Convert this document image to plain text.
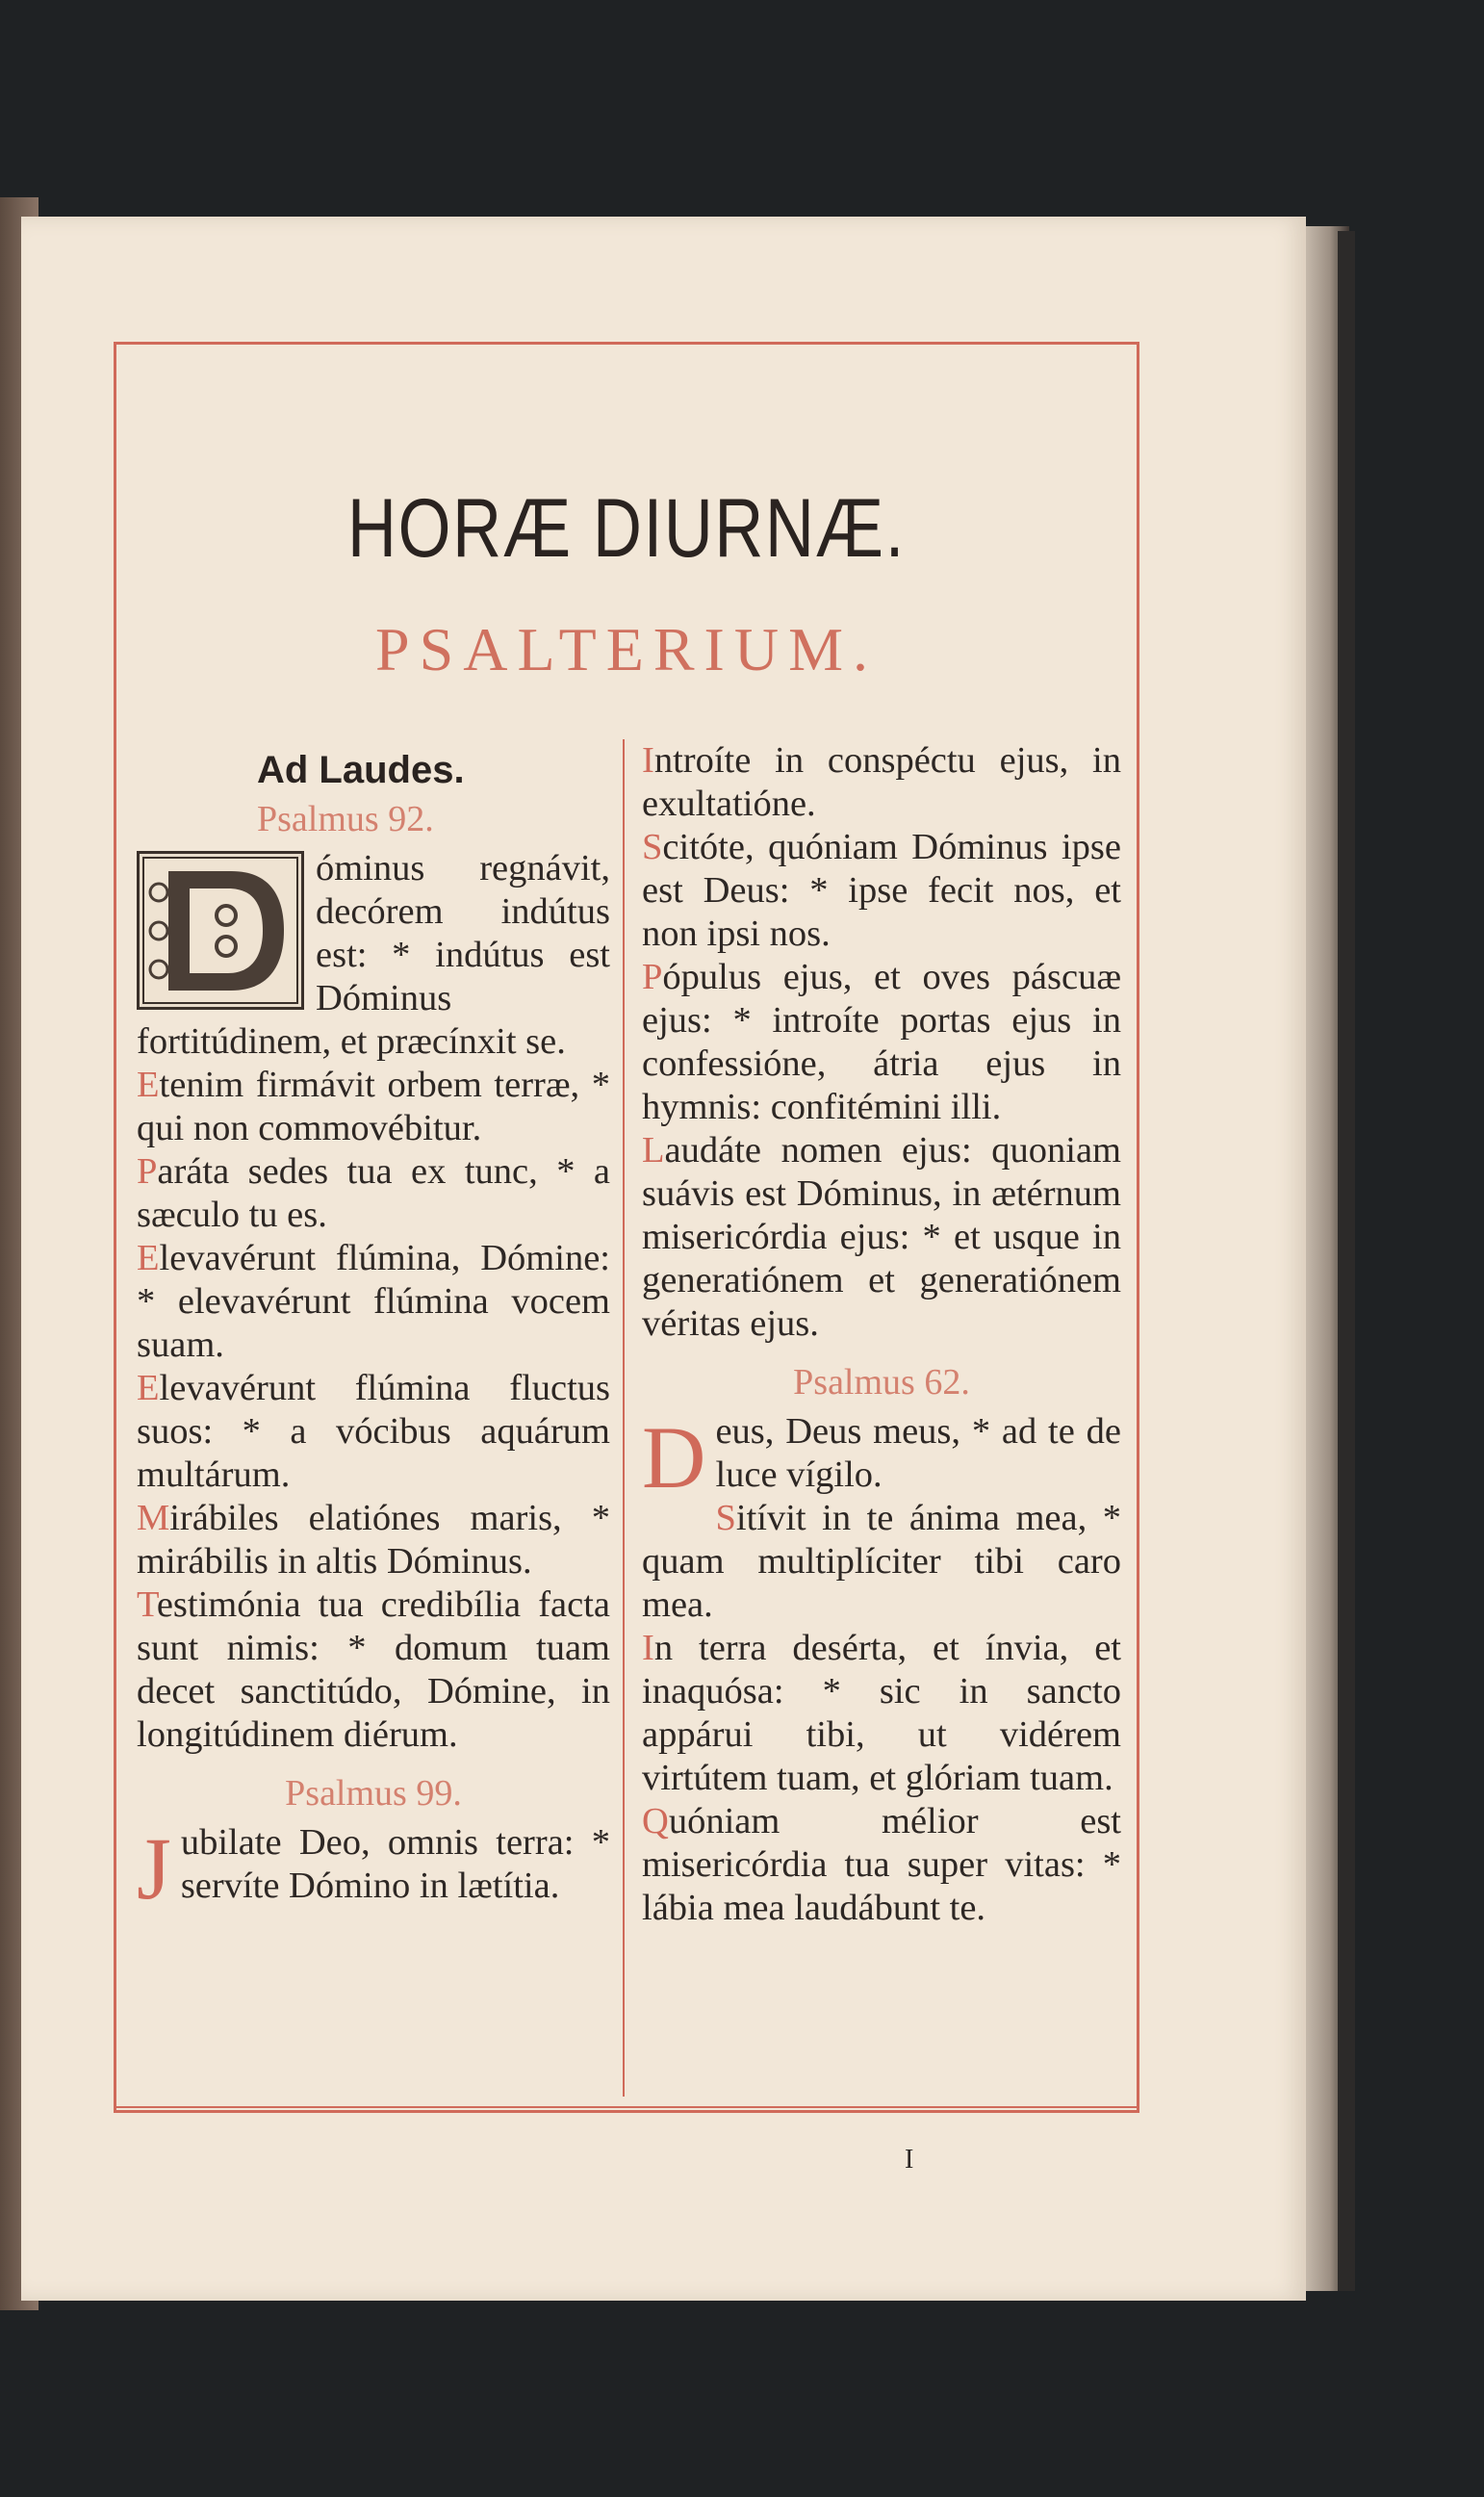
HORÆ DIURNÆ.
PSALTERIUM.
Ad Laudes.
Psalmus 92.

óminus regnávit, decórem indútus est: * indútus est Dóminus fortitúdinem, et præcínxit se.

Etenim firmávit orbem terræ, * qui non commovébitur.

Paráta sedes tua ex tunc, * a sæculo tu es.

Elevavérunt flúmina, Dómine: * elevavérunt flúmina vocem suam.

Elevavérunt flúmina fluctus suos: * a vócibus aquárum multárum.

Mirábiles elatiónes maris, * mirábilis in altis Dóminus.

Testimónia tua credibília facta sunt nimis: * domum tuam decet sanctitúdo, Dómine, in longitúdinem diérum.

Psalmus 99.

Jubilate Deo, omnis terra: * servíte Dómino in lætítia.

Introíte in conspéctu ejus, in exultatióne.

Scitóte, quóniam Dóminus ipse est Deus: * ipse fecit nos, et non ipsi nos.

Pópulus ejus, et oves páscuæ ejus: * introíte portas ejus in confessióne, átria ejus in hymnis: confitémini illi.

Laudáte nomen ejus: quoniam suávis est Dóminus, in ætérnum misericórdia ejus: * et usque in generatiónem et generatiónem véritas ejus.

Psalmus 62.

Deus, Deus meus, * ad te de luce vígilo.

Sitívit in te ánima mea, * quam multiplíciter tibi caro mea.

In terra desérta, et ínvia, et inaquósa: * sic in sancto appárui tibi, ut vidérem virtútem tuam, et glóriam tuam.

Quóniam mélior est misericórdia tua super vitas: * lábia mea laudábunt te.

I
